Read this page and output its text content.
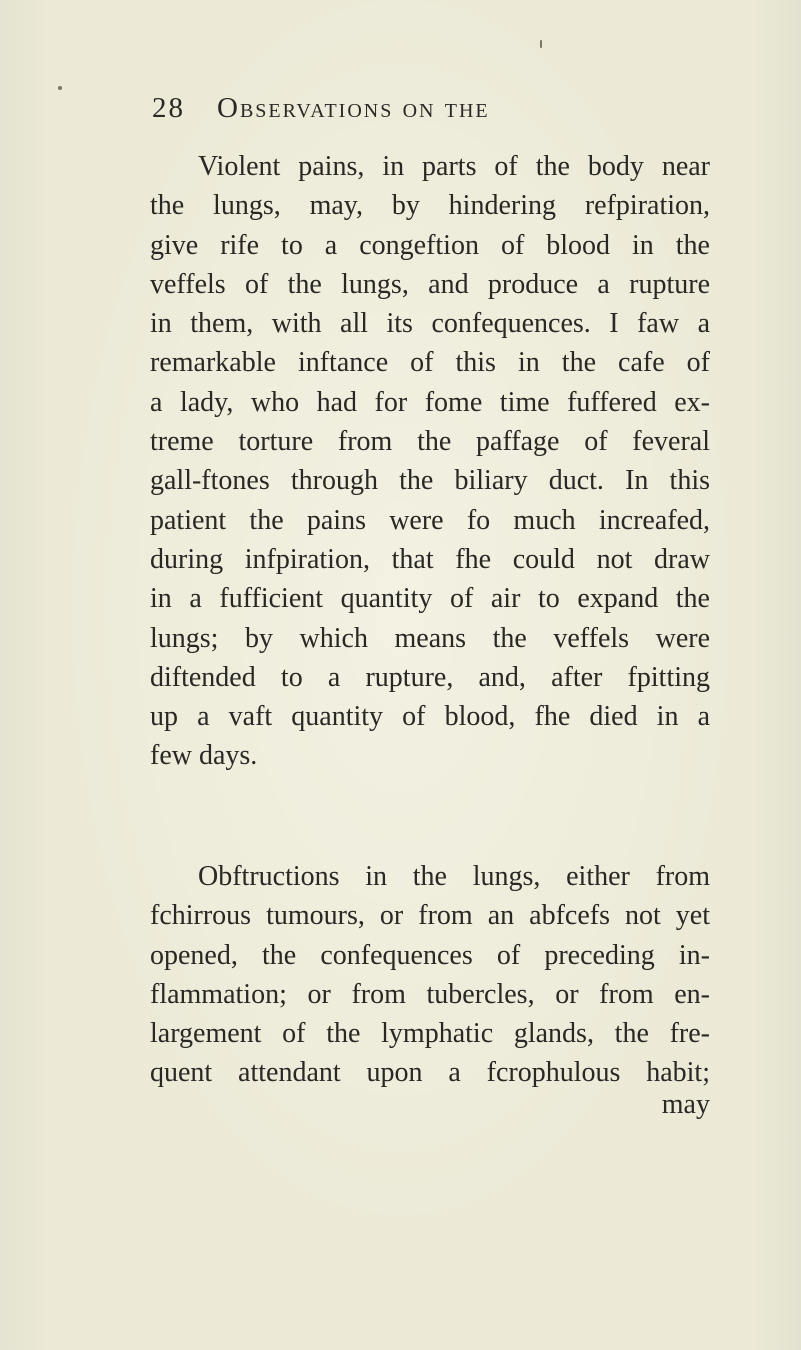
28 Observations on the
Violent pains, in parts of the body near
the lungs, may, by hindering refpiration,
give rife to a congeftion of blood in the
veffels of the lungs, and produce a rupture
in them, with all its confequences. I faw a
remarkable inftance of this in the cafe of
a lady, who had for fome time fuffered ex-
treme torture from the paffage of feveral
gall-ftones through the biliary duct. In this
patient the pains were fo much increafed,
during infpiration, that fhe could not draw
in a fufficient quantity of air to expand the
lungs; by which means the veffels were
diftended to a rupture, and, after fpitting
up a vaft quantity of blood, fhe died in a
few days.
Obftructions in the lungs, either from
fchirrous tumours, or from an abfcefs not yet
opened, the confequences of preceding in-
flammation; or from tubercles, or from en-
largement of the lymphatic glands, the fre-
quent attendant upon a fcrophulous habit;
may
